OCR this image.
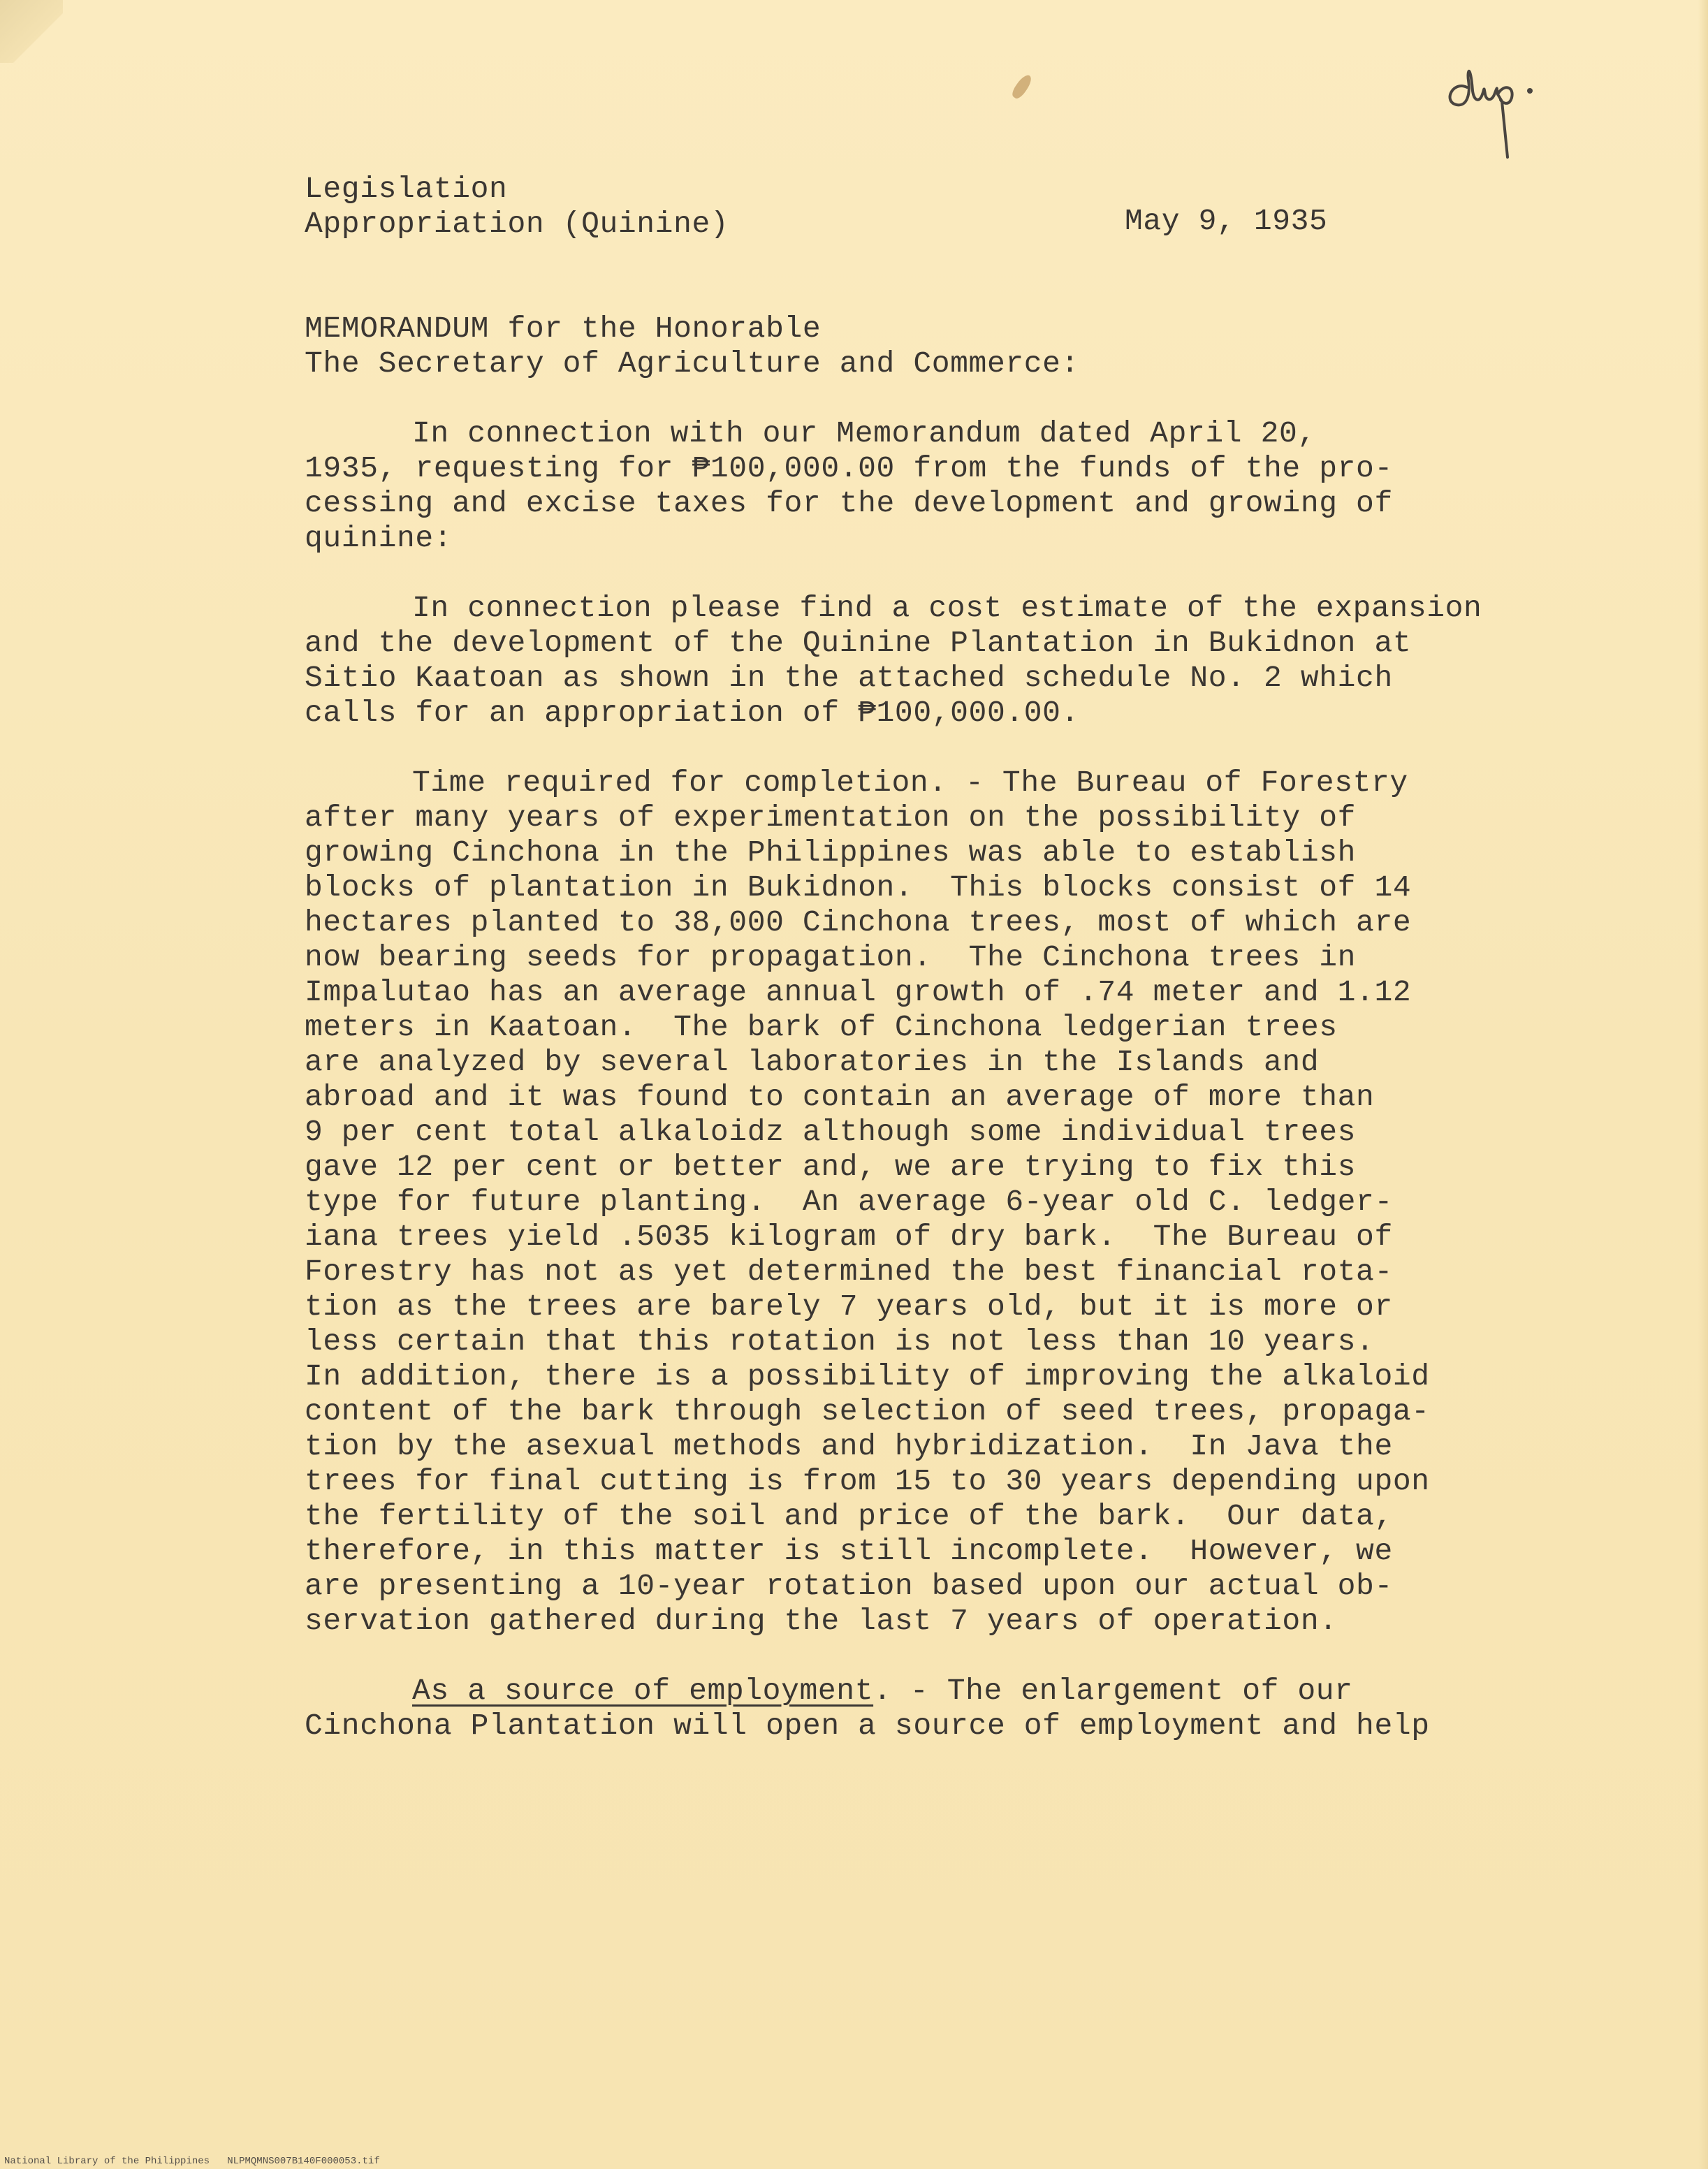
Legislation
Appropriation (Quinine)	May 9, 1935
MEMORANDUM for the Honorable
The Secretary of Agriculture and Commerce:
In connection with our Memorandum dated April 20,
1935, requesting for ₱100,000.00 from the funds of the pro-
cessing and excise taxes for the development and growing of
quinine:
In connection please find a cost estimate of the expansion
and the development of the Quinine Plantation in Bukidnon at
Sitio Kaatoan as shown in the attached schedule No. 2 which
calls for an appropriation of ₱100,000.00.
Time required for completion. - The Bureau of Forestry
after many years of experimentation on the possibility of
growing Cinchona in the Philippines was able to establish
blocks of plantation in Bukidnon.  This blocks consist of 14
hectares planted to 38,000 Cinchona trees, most of which are
now bearing seeds for propagation.  The Cinchona trees in
Impalutao has an average annual growth of .74 meter and 1.12
meters in Kaatoan.  The bark of Cinchona ledgerian trees
are analyzed by several laboratories in the Islands and
abroad and it was found to contain an average of more than
9 per cent total alkaloidz although some individual trees
gave 12 per cent or better and, we are trying to fix this
type for future planting.  An average 6-year old C. ledger-
iana trees yield .5035 kilogram of dry bark.  The Bureau of
Forestry has not as yet determined the best financial rota-
tion as the trees are barely 7 years old, but it is more or
less certain that this rotation is not less than 10 years.
In addition, there is a possibility of improving the alkaloid
content of the bark through selection of seed trees, propaga-
tion by the asexual methods and hybridization.  In Java the
trees for final cutting is from 15 to 30 years depending upon
the fertility of the soil and price of the bark.  Our data,
therefore, in this matter is still incomplete.  However, we
are presenting a 10-year rotation based upon our actual ob-
servation gathered during the last 7 years of operation.
As a source of employment. - The enlargement of our
Cinchona Plantation will open a source of employment and help
National Library of the Philippines NLPMQMNS007B140F000053.tif
